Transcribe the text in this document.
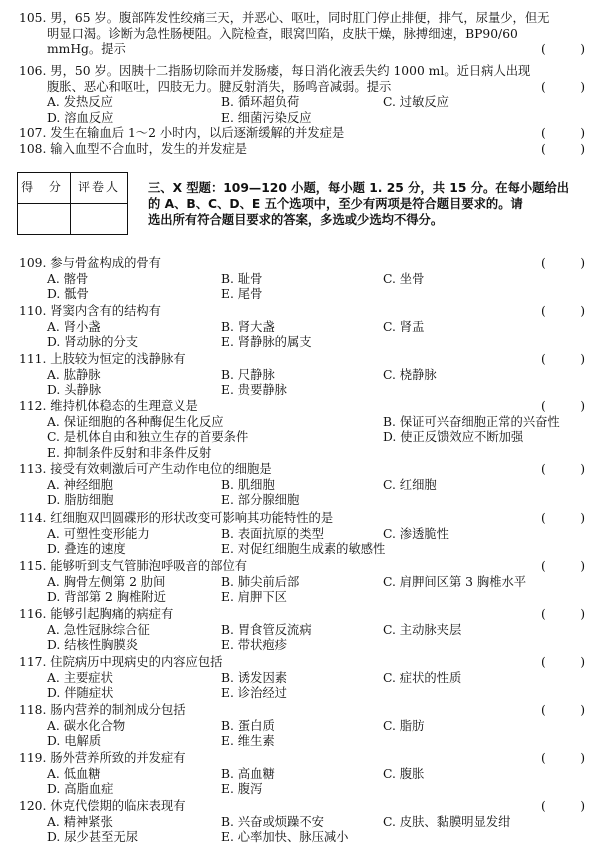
105. 男，65 岁。腹部阵发性绞痛三天，并恶心、呕吐，同时肛门停止排便，排气，尿量少，但无
明显口渴。诊断为急性肠梗阻。入院检查，眼窝凹陷，皮肤干燥，脉搏细速，BP90/60
mmHg。提示	(	)
106. 男，50 岁。因胰十二指肠切除而并发肠瘘，每日消化液丢失约 1000 ml。近日病人出现
腹胀、恶心和呕吐，四肢无力。腱反射消失，肠鸣音减弱。提示	(	)
A. 发热反应	B. 循环超负荷	C. 过敏反应
D. 溶血反应	E. 细菌污染反应
107. 发生在输血后 1～2 小时内，以后逐渐缓解的并发症是	(	)
108. 输入血型不合血时，发生的并发症是	(	)
得 分	评卷人
	三、X 型题：109—120 小题，每小题 1. 25 分，共 15 分。在每小题给出
的 A、B、C、D、E 五个选项中，至少有两项是符合题目要求的。请
选出所有符合题目要求的答案，多选或少选均不得分。
109. 参与骨盆构成的骨有	(	)
A. 髂骨	B. 耻骨	C. 坐骨
D. 骶骨	E. 尾骨
110. 肾窦内含有的结构有	(	)
A. 肾小盏	B. 肾大盏	C. 肾盂
D. 肾动脉的分支	E. 肾静脉的属支
111. 上肢较为恒定的浅静脉有	(	)
A. 肱静脉	B. 尺静脉	C. 桡静脉
D. 头静脉	E. 贵要静脉
112. 维持机体稳态的生理意义是	(	)
A. 保证细胞的各种酶促生化反应	B. 保证可兴奋细胞正常的兴奋性
C. 是机体自由和独立生存的首要条件	D. 使正反馈效应不断加强
E. 抑制条件反射和非条件反射
113. 接受有效刺激后可产生动作电位的细胞是	(	)
A. 神经细胞	B. 肌细胞	C. 红细胞
D. 脂肪细胞	E. 部分腺细胞
114. 红细胞双凹圆碟形的形状改变可影响其功能特性的是	(	)
A. 可塑性变形能力	B. 表面抗原的类型	C. 渗透脆性
D. 叠连的速度	E. 对促红细胞生成素的敏感性
115. 能够听到支气管肺泡呼吸音的部位有	(	)
A. 胸骨左侧第 2 肋间	B. 肺尖前后部	C. 肩胛间区第 3 胸椎水平
D. 背部第 2 胸椎附近	E. 肩胛下区
116. 能够引起胸痛的病症有	(	)
A. 急性冠脉综合征	B. 胃食管反流病	C. 主动脉夹层
D. 结核性胸膜炎	E. 带状疱疹
117. 住院病历中现病史的内容应包括	(	)
A. 主要症状	B. 诱发因素	C. 症状的性质
D. 伴随症状	E. 诊治经过
118. 肠内营养的制剂成分包括	(	)
A. 碳水化合物	B. 蛋白质	C. 脂肪
D. 电解质	E. 维生素
119. 肠外营养所致的并发症有	(	)
A. 低血糖	B. 高血糖	C. 腹胀
D. 高脂血症	E. 腹泻
120. 休克代偿期的临床表现有	(	)
A. 精神紧张	B. 兴奋或烦躁不安	C. 皮肤、黏膜明显发绀
D. 尿少甚至无尿	E. 心率加快、脉压减小
